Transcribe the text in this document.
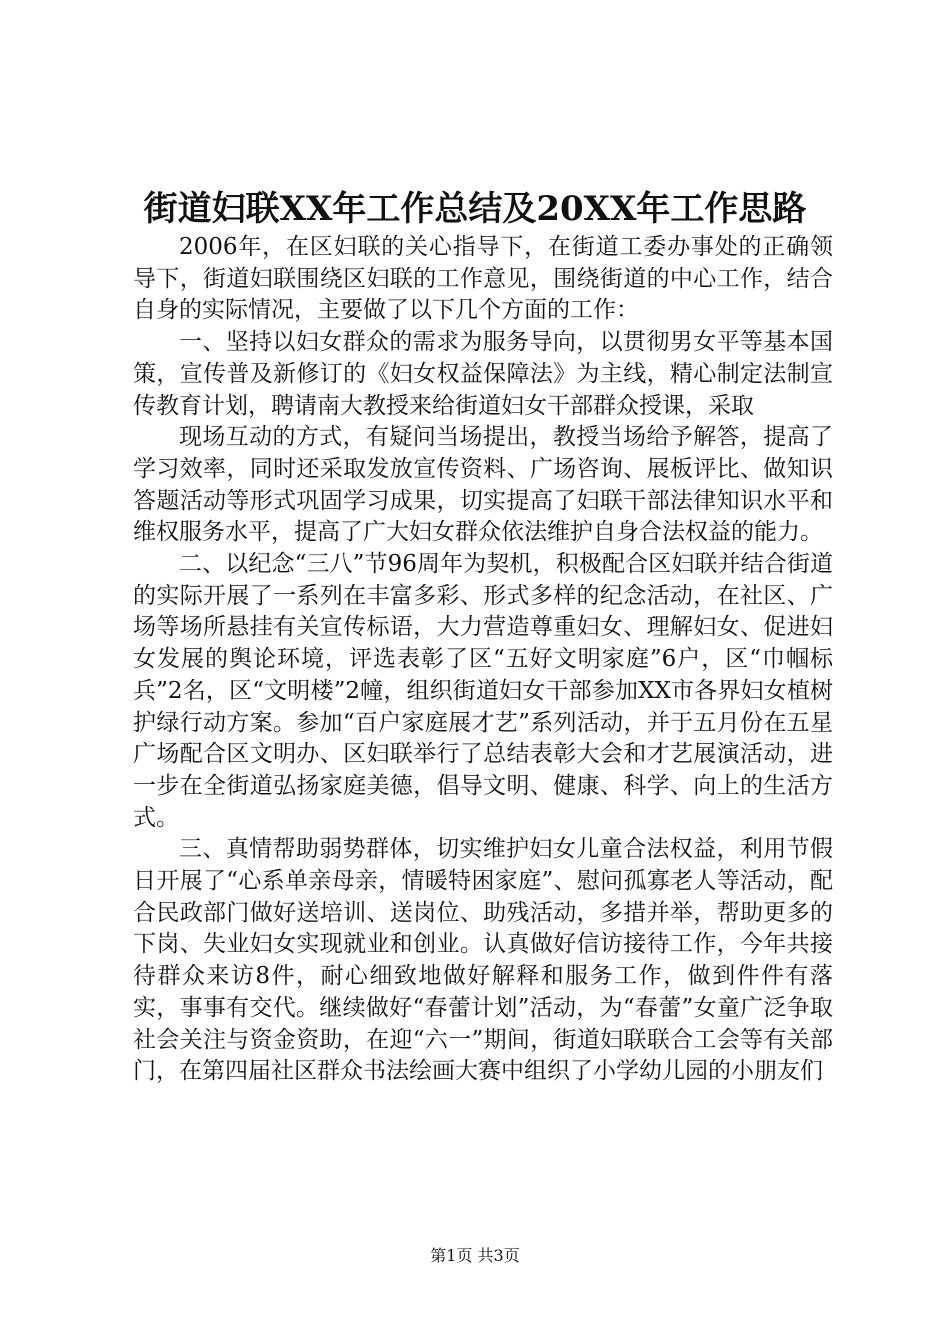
街道妇联XX年工作总结及20XX年工作思路

2006年，在区妇联的关心指导下，在街道工委办事处的正确领导下，街道妇联围绕区妇联的工作意见，围绕街道的中心工作，结合自身的实际情况，主要做了以下几个方面的工作：

一、坚持以妇女群众的需求为服务导向，以贯彻男女平等基本国策，宣传普及新修订的《妇女权益保障法》为主线，精心制定法制宣传教育计划，聘请南大教授来给街道妇女干部群众授课，采取

现场互动的方式，有疑问当场提出，教授当场给予解答，提高了学习效率，同时还采取发放宣传资料、广场咨询、展板评比、做知识答题活动等形式巩固学习成果，切实提高了妇联干部法律知识水平和维权服务水平，提高了广大妇女群众依法维护自身合法权益的能力。

二、以纪念“三八”节96周年为契机，积极配合区妇联并结合街道的实际开展了一系列在丰富多彩、形式多样的纪念活动，在社区、广场等场所悬挂有关宣传标语，大力营造尊重妇女、理解妇女、促进妇女发展的舆论环境，评选表彰了区“五好文明家庭”6户，区“巾帼标兵”2名，区“文明楼”2幢，组织街道妇女干部参加XX市各界妇女植树护绿行动方案。参加“百户家庭展才艺”系列活动，并于五月份在五星广场配合区文明办、区妇联举行了总结表彰大会和才艺展演活动，进一步在全街道弘扬家庭美德，倡导文明、健康、科学、向上的生活方式。

三、真情帮助弱势群体，切实维护妇女儿童合法权益，利用节假日开展了“心系单亲母亲，情暖特困家庭”、慰问孤寡老人等活动，配合民政部门做好送培训、送岗位、助残活动，多措并举，帮助更多的下岗、失业妇女实现就业和创业。认真做好信访接待工作，今年共接待群众来访8件，耐心细致地做好解释和服务工作，做到件件有落实，事事有交代。继续做好“春蕾计划”活动，为“春蕾”女童广泛争取社会关注与资金资助，在迎“六一”期间，街道妇联联合工会等有关部门，在第四届社区群众书法绘画大赛中组织了小学幼儿园的小朋友们

第1页 共3页
